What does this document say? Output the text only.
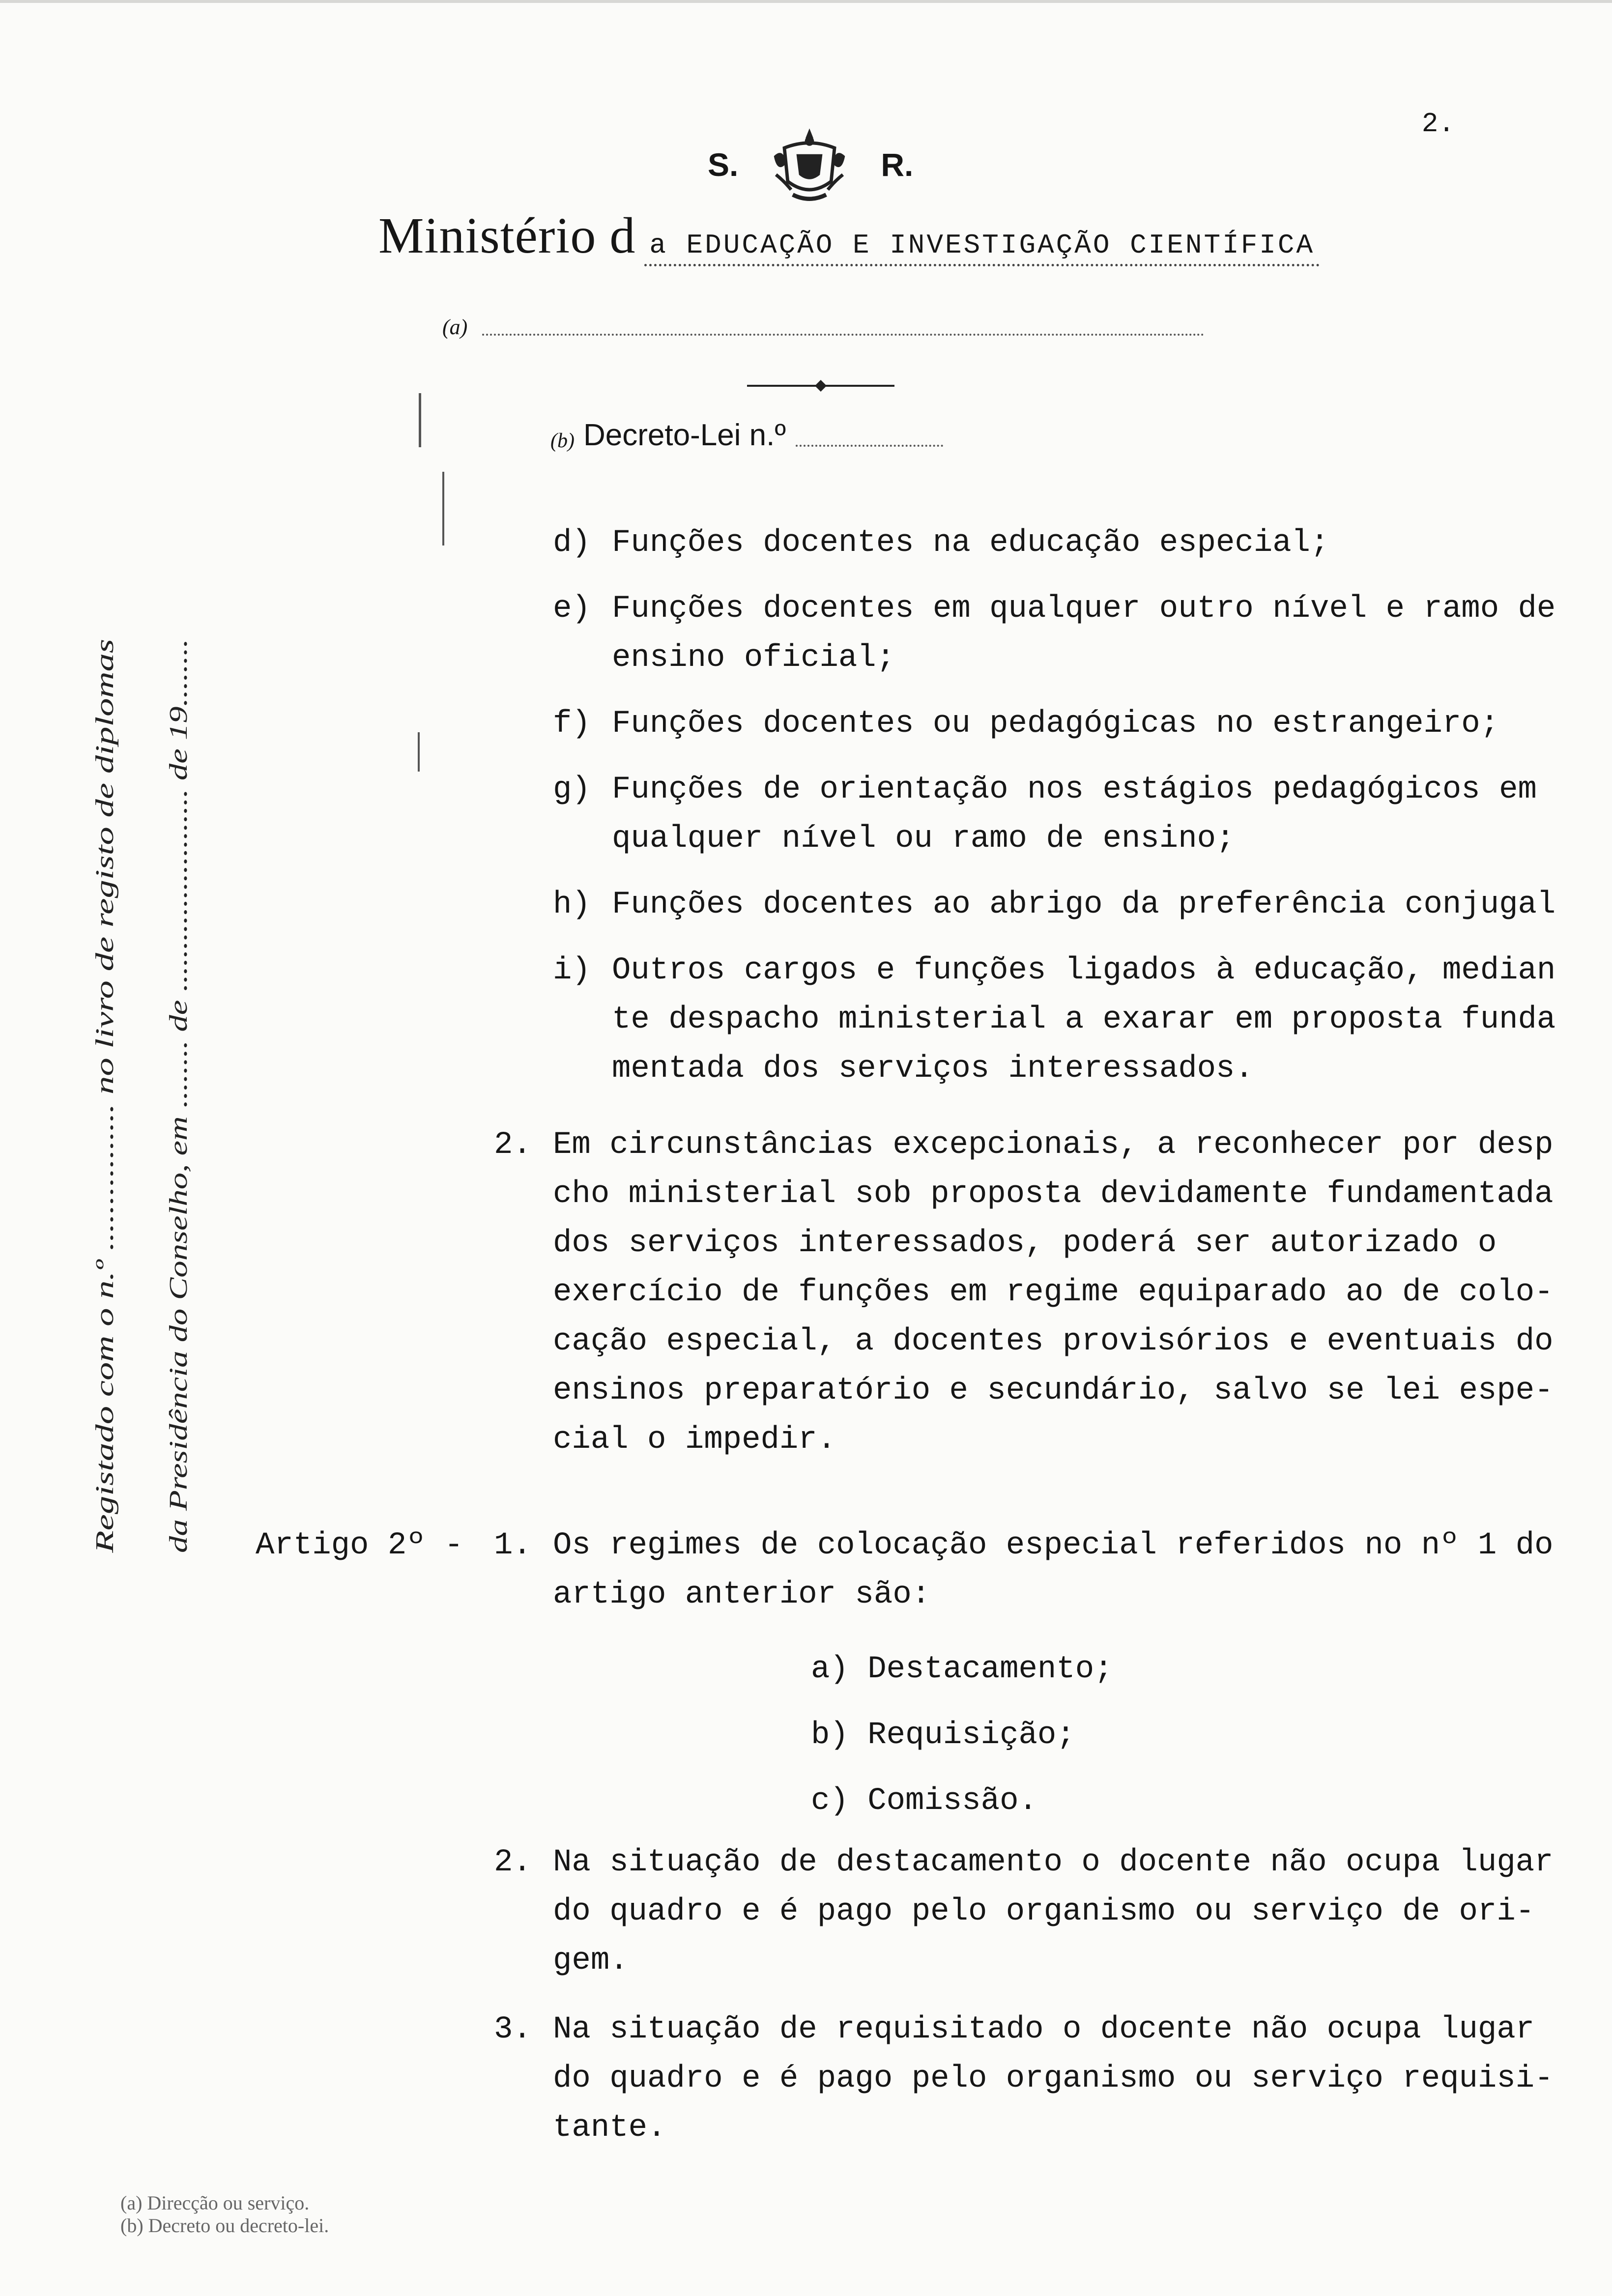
2.
S.	R.
Ministério d a EDUCAÇÃO E INVESTIGAÇÃO CIENTÍFICA
(a)
(b) Decreto-Lei n.º
Registado com o n.º ................ no livro de registo de diplomas da Presidência do Conselho, em ........ de ........................ de 19........
d) Funções docentes na educação especial;
e) Funções docentes em qualquer outro nível e ramo de
ensino oficial;
f) Funções docentes ou pedagógicas no estrangeiro;
g) Funções de orientação nos estágios pedagógicos em
qualquer nível ou ramo de ensino;
h) Funções docentes ao abrigo da preferência conjugal
i) Outros cargos e funções ligados à educação, median
te despacho ministerial a exarar em proposta funda
mentada dos serviços interessados.
2. Em circunstâncias excepcionais, a reconhecer por desp
cho ministerial sob proposta devidamente fundamentada
dos serviços interessados, poderá ser autorizado o
exercício de funções em regime equiparado ao de colo-
cação especial, a docentes provisórios e eventuais do
ensinos preparatório e secundário, salvo se lei espe-
cial o impedir.
Artigo 2º - 1. Os regimes de colocação especial referidos no nº 1 do
artigo anterior são:
a) Destacamento;
b) Requisição;
c) Comissão.
2. Na situação de destacamento o docente não ocupa lugar
do quadro e é pago pelo organismo ou serviço de ori-
gem.
3. Na situação de requisitado o docente não ocupa lugar
do quadro e é pago pelo organismo ou serviço requisi-
tante.
(a) Direcção ou serviço.
(b) Decreto ou decreto-lei.
